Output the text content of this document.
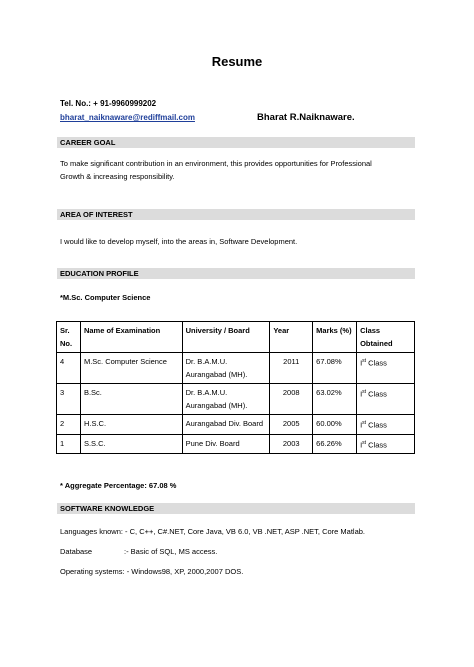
Resume
Tel. No.: + 91-9960999202
bharat_naiknaware@rediffmail.com	Bharat R.Naiknaware.
CAREER GOAL
To make significant contribution in an environment, this provides opportunities for Professional
Growth & increasing responsibility.
AREA OF INTEREST
I would like to develop myself, into the areas in, Software Development.
EDUCATION PROFILE
*M.Sc. Computer Science
Sr. No.	Name of Examination	University / Board	Year	Marks (%)	Class Obtained
4	M.Sc. Computer Science	Dr. B.A.M.U. Aurangabad (MH).	2011	67.08%	Ist Class
3	B.Sc.	Dr. B.A.M.U. Aurangabad (MH).	2008	63.02%	Ist Class
2	H.S.C.	Aurangabad Div. Board	2005	60.00%	Ist Class
1	S.S.C.	Pune Div. Board	2003	66.26%	Ist Class
* Aggregate Percentage: 67.08 %
SOFTWARE KNOWLEDGE
Languages known: - C, C++, C#.NET, Core Java, VB 6.0, VB .NET, ASP .NET, Core Matlab.
Database	:- Basic of SQL, MS access.
Operating systems: - Windows98, XP, 2000,2007 DOS.
